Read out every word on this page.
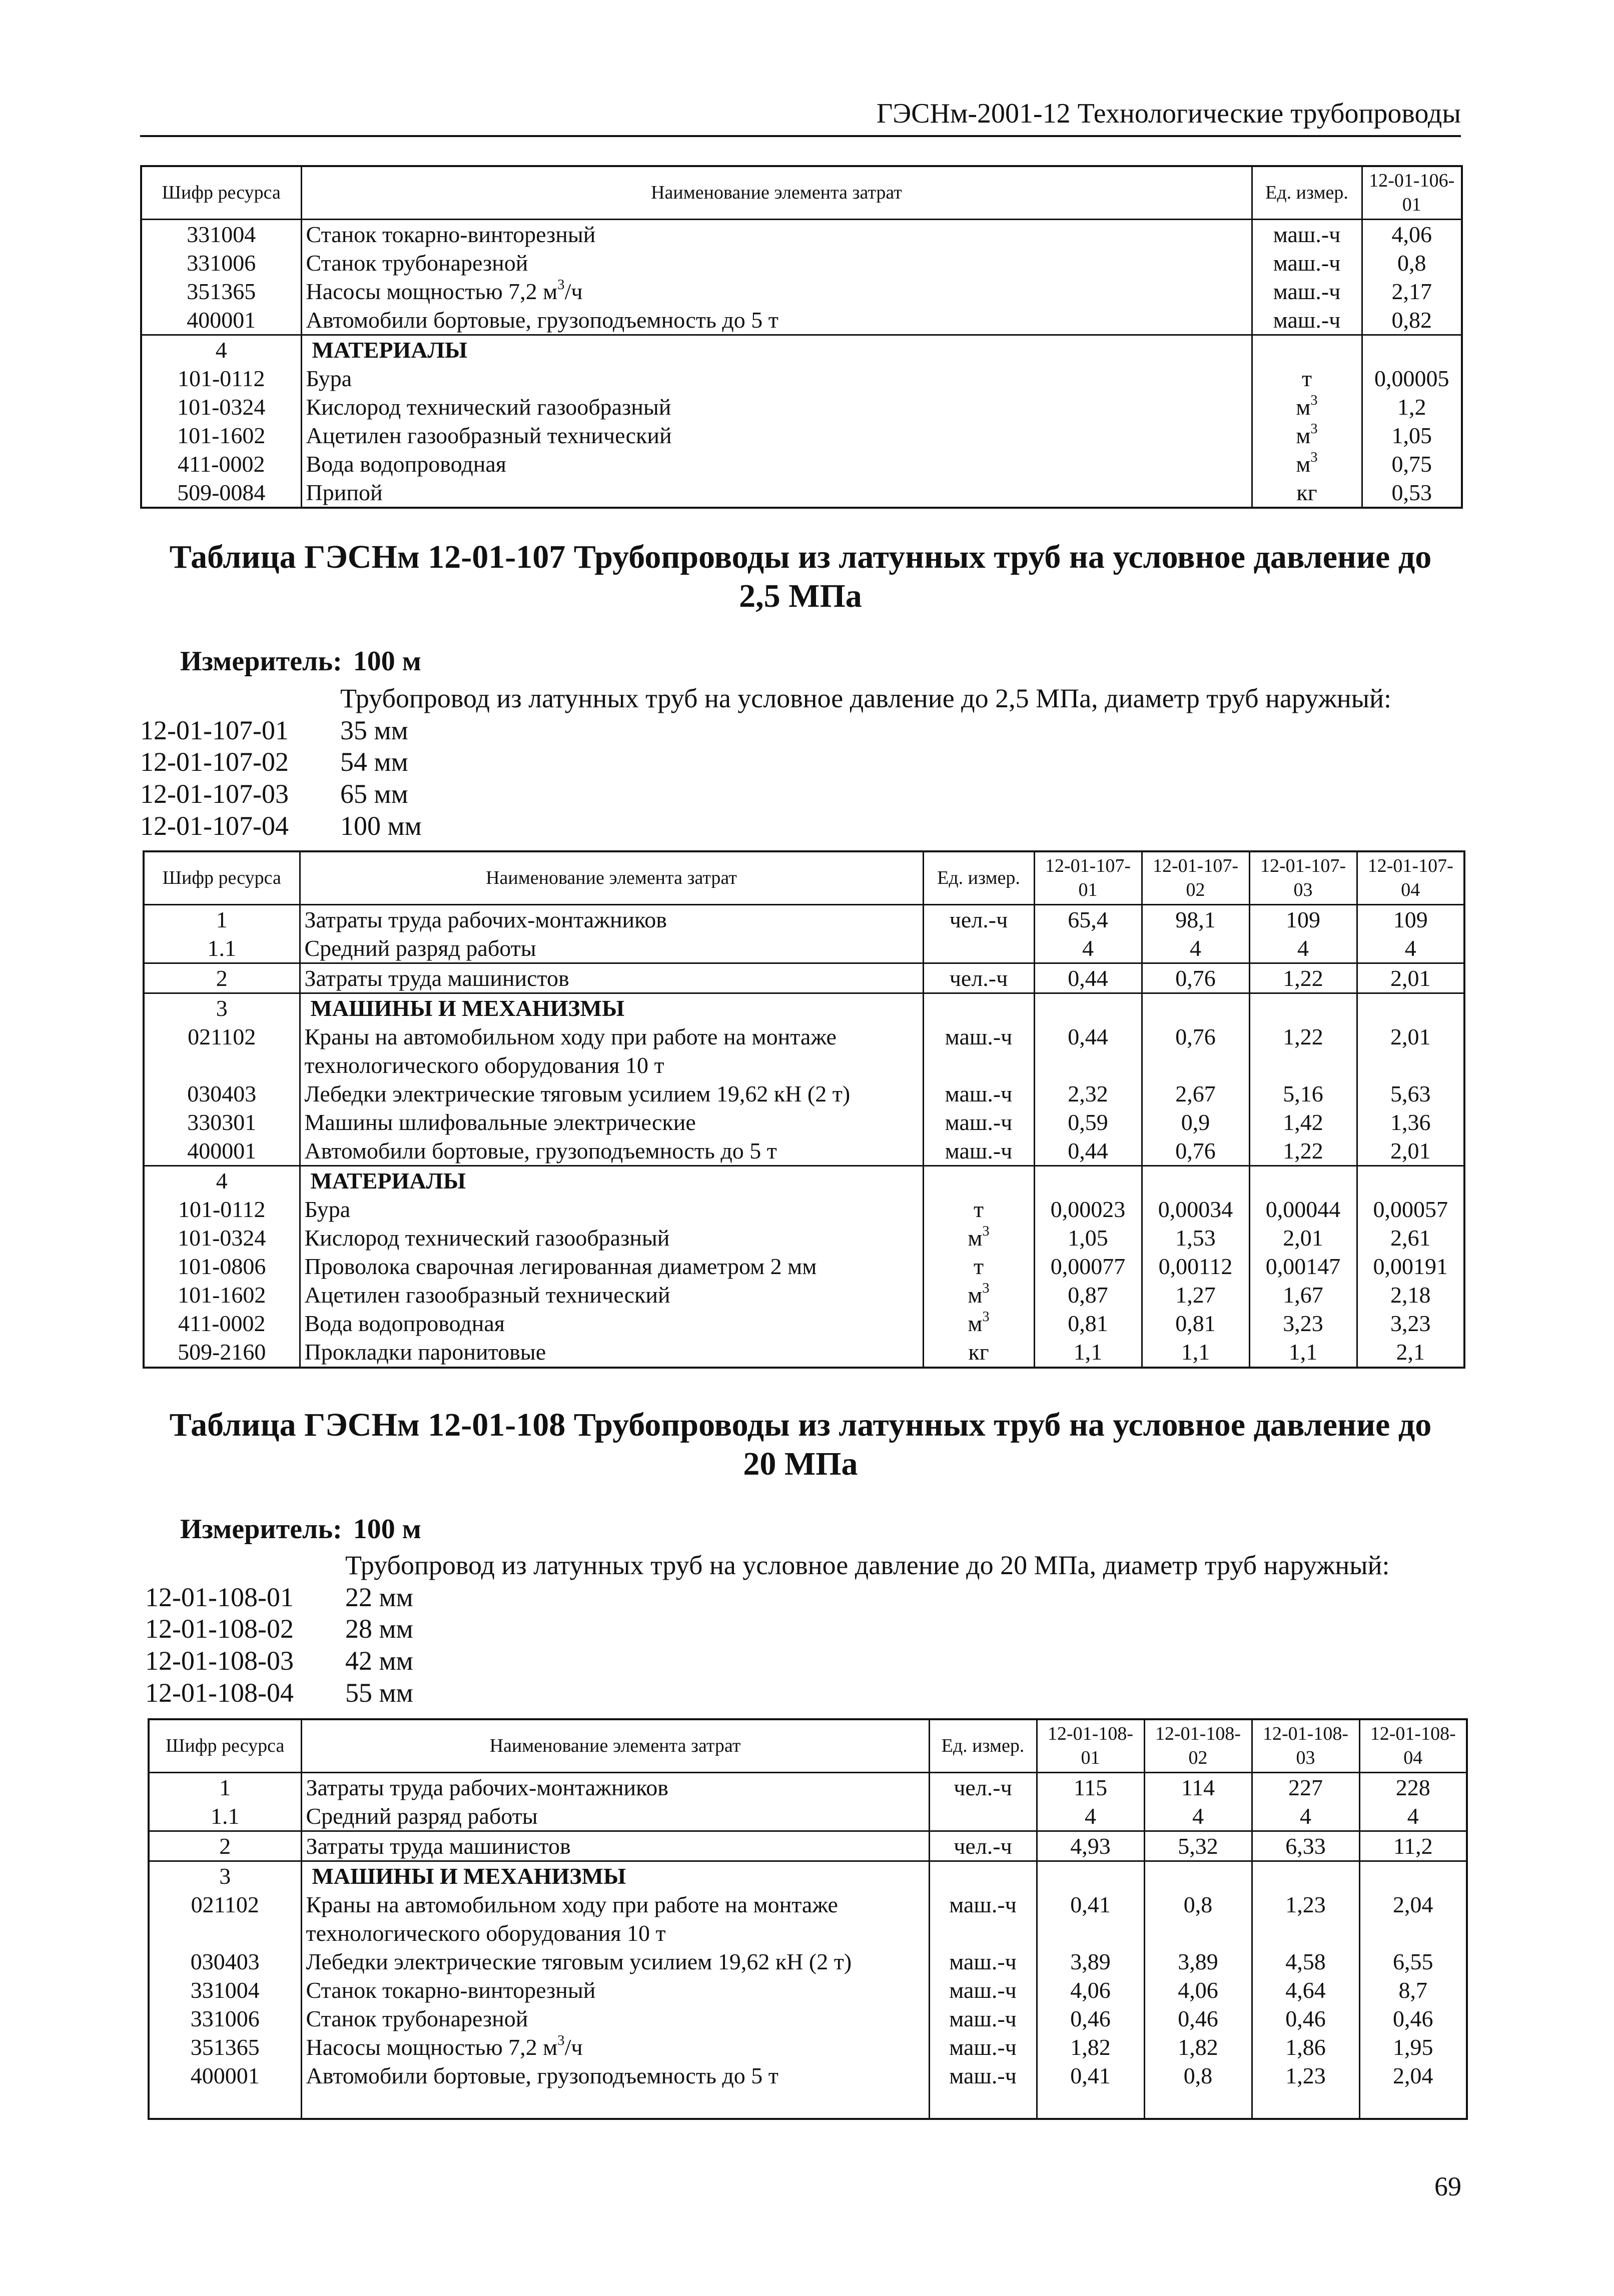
ГЭСНм-2001-12 Технологические трубопроводы
Шифр ресурса	Наименование элемента затрат	Ед. измер.	12-01-106-01
331004	Станок токарно-винторезный	маш.-ч	4,06
331006	Станок трубонарезной	маш.-ч	0,8
351365	Насосы мощностью 7,2 $м^3/ч$	маш.-ч	2,17
400001	Автомобили бортовые, грузоподъемность до 5 т	маш.-ч	0,82
4	МАТЕРИАЛЫ		
101-0112	Бура	т	0,00005
101-0324	Кислород технический газообразный	$м^3$	1,2
101-1602	Ацетилен газообразный технический	$м^3$	1,05
411-0002	Вода водопроводная	$м^3$	0,75
509-0084	Припой	кг	0,53
Таблица ГЭСНм 12-01-107 Трубопроводы из латунных труб на условное давление до
2,5 МПа
Измеритель: 100 м
Трубопровод из латунных труб на условное давление до 2,5 МПа, диаметр труб наружный:
12-01-107-01	35 мм
12-01-107-02	54 мм
12-01-107-03	65 мм
12-01-107-04	100 мм
Шифр ресурса	Наименование элемента затрат	Ед. измер.	12-01-107-01	12-01-107-02	12-01-107-03	12-01-107-04
1	Затраты труда рабочих-монтажников	чел.-ч	65,4	98,1	109	109
1.1	Средний разряд работы		4	4	4	4
2	Затраты труда машинистов	чел.-ч	0,44	0,76	1,22	2,01
3	МАШИНЫ И МЕХАНИЗМЫ					
021102	Краны на автомобильном ходу при работе на монтаже технологического оборудования 10 т	маш.-ч	0,44	0,76	1,22	2,01
030403	Лебедки электрические тяговым усилием 19,62 кН (2 т)	маш.-ч	2,32	2,67	5,16	5,63
330301	Машины шлифовальные электрические	маш.-ч	0,59	0,9	1,42	1,36
400001	Автомобили бортовые, грузоподъемность до 5 т	маш.-ч	0,44	0,76	1,22	2,01
4	МАТЕРИАЛЫ					
101-0112	Бура	т	0,00023	0,00034	0,00044	0,00057
101-0324	Кислород технический газообразный	$м^3$	1,05	1,53	2,01	2,61
101-0806	Проволока сварочная легированная диаметром 2 мм	т	0,00077	0,00112	0,00147	0,00191
101-1602	Ацетилен газообразный технический	$м^3$	0,87	1,27	1,67	2,18
411-0002	Вода водопроводная	$м^3$	0,81	0,81	3,23	3,23
509-2160	Прокладки паронитовые	кг	1,1	1,1	1,1	2,1
Таблица ГЭСНм 12-01-108 Трубопроводы из латунных труб на условное давление до
20 МПа
Измеритель: 100 м
Трубопровод из латунных труб на условное давление до 20 МПа, диаметр труб наружный:
12-01-108-01	22 мм
12-01-108-02	28 мм
12-01-108-03	42 мм
12-01-108-04	55 мм
Шифр ресурса	Наименование элемента затрат	Ед. измер.	12-01-108-01	12-01-108-02	12-01-108-03	12-01-108-04
1	Затраты труда рабочих-монтажников	чел.-ч	115	114	227	228
1.1	Средний разряд работы		4	4	4	4
2	Затраты труда машинистов	чел.-ч	4,93	5,32	6,33	11,2
3	МАШИНЫ И МЕХАНИЗМЫ					
021102	Краны на автомобильном ходу при работе на монтаже технологического оборудования 10 т	маш.-ч	0,41	0,8	1,23	2,04
030403	Лебедки электрические тяговым усилием 19,62 кН (2 т)	маш.-ч	3,89	3,89	4,58	6,55
331004	Станок токарно-винторезный	маш.-ч	4,06	4,06	4,64	8,7
331006	Станок трубонарезной	маш.-ч	0,46	0,46	0,46	0,46
351365	Насосы мощностью 7,2 $м^3/ч$	маш.-ч	1,82	1,82	1,86	1,95
400001	Автомобили бортовые, грузоподъемность до 5 т	маш.-ч	0,41	0,8	1,23	2,04

69
